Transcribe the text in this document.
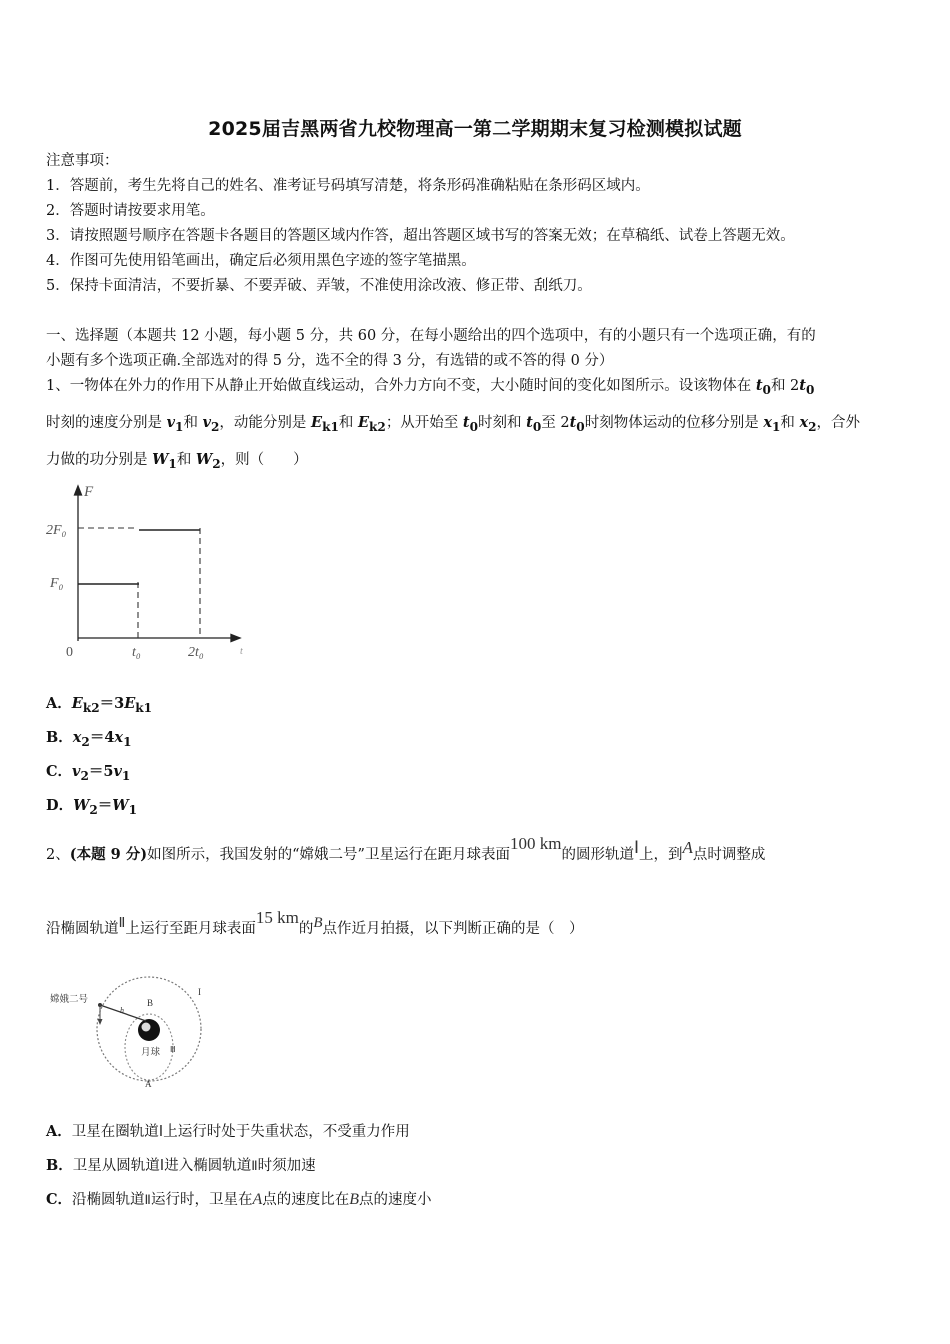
2025届吉黑两省九校物理高一第二学期期末复习检测模拟试题
注意事项：
1．答题前，考生先将自己的姓名、准考证号码填写清楚，将条形码准确粘贴在条形码区域内。
2．答题时请按要求用笔。
3．请按照题号顺序在答题卡各题目的答题区域内作答，超出答题区域书写的答案无效；在草稿纸、试卷上答题无效。
4．作图可先使用铅笔画出，确定后必须用黑色字迹的签字笔描黑。
5．保持卡面清洁，不要折暴、不要弄破、弄皱，不准使用涂改液、修正带、刮纸刀。
一、选择题（本题共 12 小题，每小题 5 分，共 60 分，在每小题给出的四个选项中，有的小题只有一个选项正确，有的
小题有多个选项正确.全部选对的得 5 分，选不全的得 3 分，有选错的或不答的得 0 分）
1、一物体在外力的作用下从静止开始做直线运动，合外力方向不变，大小随时间的变化如图所示。设该物体在 $t_0$和 $2t_0$
时刻的速度分别是 $v_1$和 $v_2$，动能分别是 $E_{k1}$和 $E_{k2}$；从开始至 $t_0$时刻和 $t_0$至 $2t_0$时刻物体运动的位移分别是 $x_1$和 $x_2$，合外
力做的功分别是 $W_1$和 $W_2$，则（　　）
F
t
2F₀
F₀
0	t₀	2t₀
A．$E_{k2}=3E_{k1}$
B．$x_2=4x_1$
C．$v_2=5v_1$
D．$W_2=W_1$
2、(本题 9 分)如图所示，我国发射的“嫦娥二号”卫星运行在距月球表面100 km的圆形轨道Ⅰ上，到A点时调整成
沿椭圆轨道Ⅱ上运行至距月球表面15 km的B点作近月拍摄，以下判断正确的是（　）
嫦娥二号
月球
B
A
I
Ⅲ
h
A．卫星在圈轨道Ⅰ上运行时处于失重状态，不受重力作用
B．卫星从圆轨道Ⅰ进入椭圆轨道Ⅱ时须加速
C．沿椭圆轨道Ⅱ运行时，卫星在A点的速度比在B点的速度小
